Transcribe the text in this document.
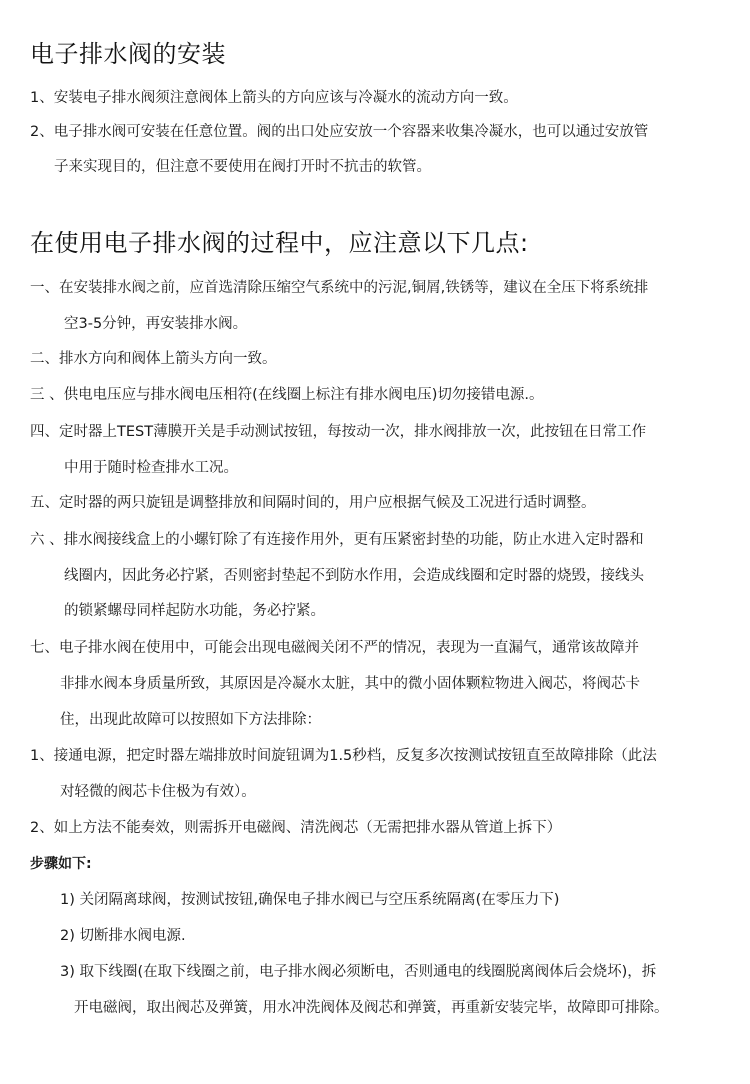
电子排水阀的安装
1、安装电子排水阀须注意阀体上箭头的方向应该与冷凝水的流动方向一致。
2、电子排水阀可安装在任意位置。阀的出口处应安放一个容器来收集冷凝水，也可以通过安放管
子来实现目的，但注意不要使用在阀打开时不抗击的软管。
在使用电子排水阀的过程中，应注意以下几点:
一、在安装排水阀之前，应首选清除压缩空气系统中的污泥,铜屑,铁锈等，建议在全压下将系统排
空3-5分钟，再安装排水阀。
二、排水方向和阀体上箭头方向一致。
三 、供电电压应与排水阀电压相符(在线圈上标注有排水阀电压)切勿接错电源.。
四、定时器上TEST薄膜开关是手动测试按钮，每按动一次，排水阀排放一次，此按钮在日常工作
中用于随时检查排水工况。
五、定时器的两只旋钮是调整排放和间隔时间的，用户应根据气候及工况进行适时调整。
六 、排水阀接线盒上的小螺钉除了有连接作用外，更有压紧密封垫的功能，防止水进入定时器和
线圈内，因此务必拧紧，否则密封垫起不到防水作用，会造成线圈和定时器的烧毁，接线头
的锁紧螺母同样起防水功能，务必拧紧。
七、电子排水阀在使用中，可能会出现电磁阀关闭不严的情况，表现为一直漏气，通常该故障并
非排水阀本身质量所致，其原因是冷凝水太脏，其中的微小固体颗粒物进入阀芯，将阀芯卡
住，出现此故障可以按照如下方法排除：
1、接通电源，把定时器左端排放时间旋钮调为1.5秒档，反复多次按测试按钮直至故障排除（此法
对轻微的阀芯卡住极为有效）。
2、如上方法不能奏效，则需拆开电磁阀、清洗阀芯（无需把排水器从管道上拆下）
步骤如下:
1) 关闭隔离球阀，按测试按钮,确保电子排水阀已与空压系统隔离(在零压力下)
2) 切断排水阀电源.
3) 取下线圈(在取下线圈之前，电子排水阀必须断电，否则通电的线圈脱离阀体后会烧坏)，拆
开电磁阀，取出阀芯及弹簧，用水冲洗阀体及阀芯和弹簧，再重新安装完毕，故障即可排除。
